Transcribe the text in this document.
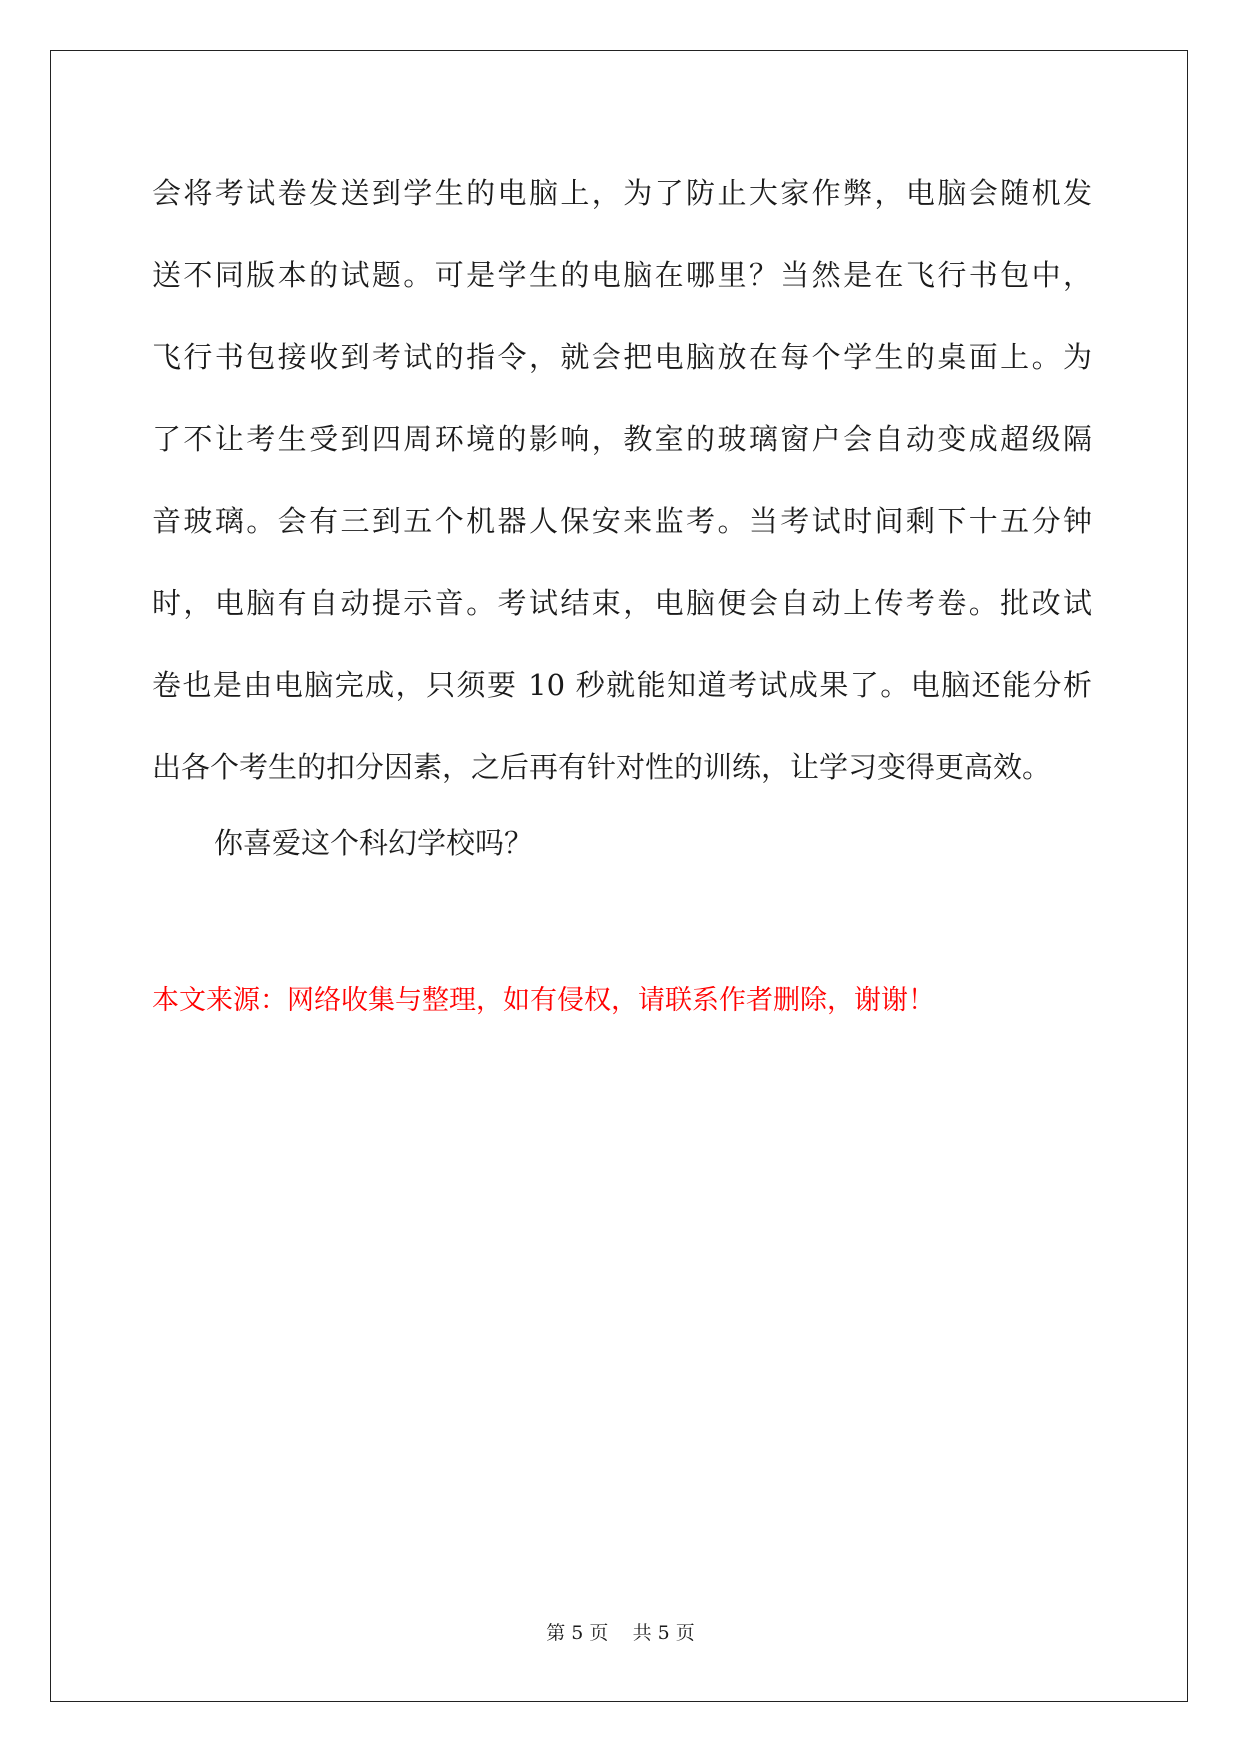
会将考试卷发送到学生的电脑上，为了防止大家作弊，电脑会随机发
送不同版本的试题。可是学生的电脑在哪里？当然是在飞行书包中，
飞行书包接收到考试的指令，就会把电脑放在每个学生的桌面上。为
了不让考生受到四周环境的影响，教室的玻璃窗户会自动变成超级隔
音玻璃。会有三到五个机器人保安来监考。当考试时间剩下十五分钟
时，电脑有自动提示音。考试结束，电脑便会自动上传考卷。批改试
卷也是由电脑完成，只须要 10 秒就能知道考试成果了。电脑还能分析
出各个考生的扣分因素，之后再有针对性的训练，让学习变得更高效。
你喜爱这个科幻学校吗？
本文来源：网络收集与整理，如有侵权，请联系作者删除，谢谢！
第 5 页    共 5 页
